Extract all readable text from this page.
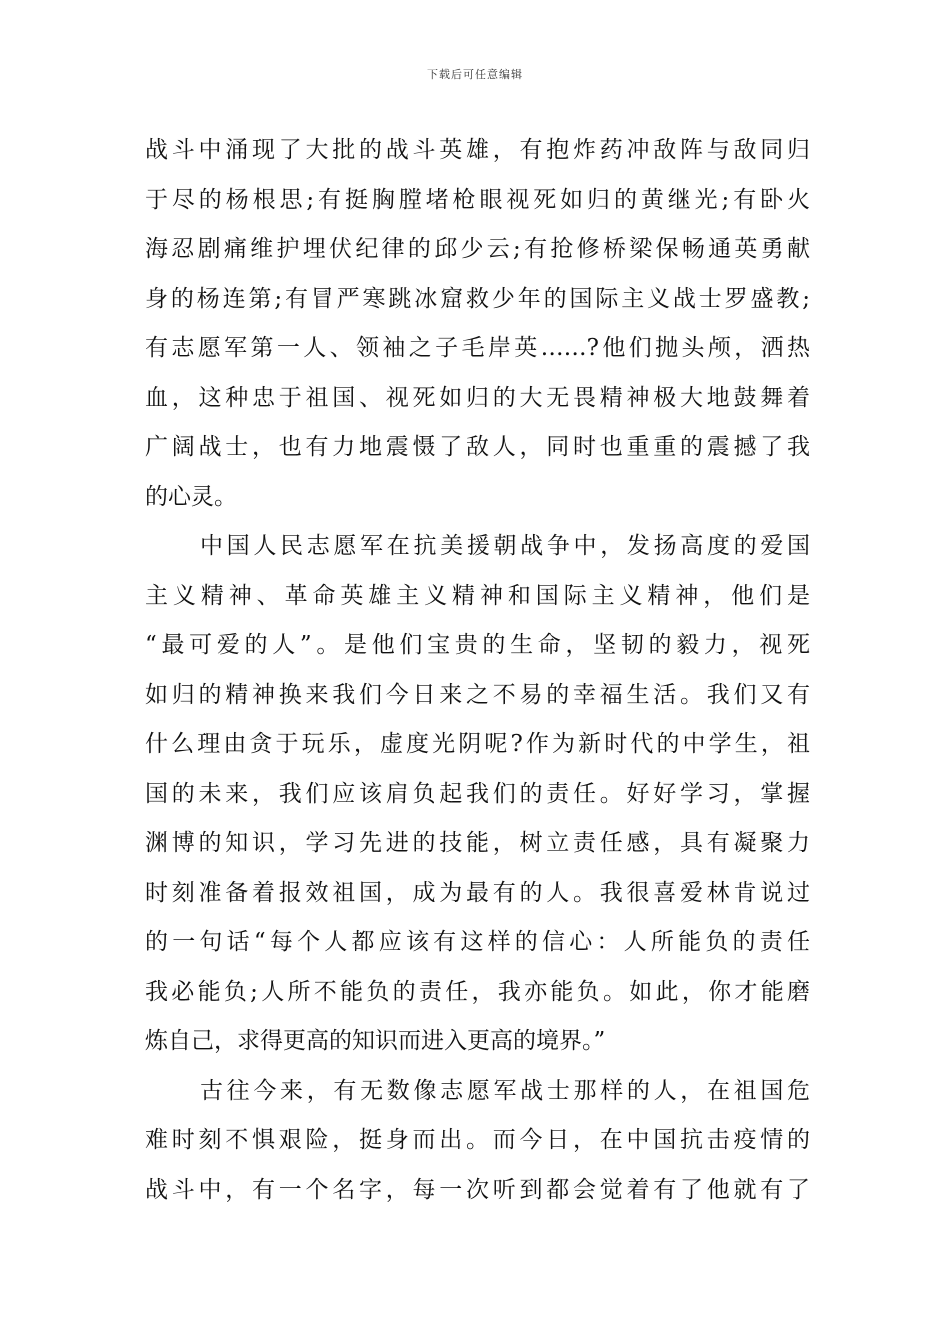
下载后可任意编辑
战斗中涌现了大批的战斗英雄，有抱炸药冲敌阵与敌同归
于尽的杨根思;有挺胸膛堵枪眼视死如归的黄继光;有卧火
海忍剧痛维护埋伏纪律的邱少云;有抢修桥梁保畅通英勇献
身的杨连第;有冒严寒跳冰窟救少年的国际主义战士罗盛教;
有志愿军第一人、领袖之子毛岸英……?他们抛头颅，洒热
血，这种忠于祖国、视死如归的大无畏精神极大地鼓舞着
广阔战士，也有力地震慑了敌人，同时也重重的震撼了我
的心灵。
中国人民志愿军在抗美援朝战争中，发扬高度的爱国
主义精神、革命英雄主义精神和国际主义精神，他们是
“最可爱的人”。是他们宝贵的生命，坚韧的毅力，视死
如归的精神换来我们今日来之不易的幸福生活。我们又有
什么理由贪于玩乐，虚度光阴呢?作为新时代的中学生，祖
国的未来，我们应该肩负起我们的责任。好好学习，掌握
渊博的知识，学习先进的技能，树立责任感，具有凝聚力
时刻准备着报效祖国，成为最有的人。我很喜爱林肯说过
的一句话“每个人都应该有这样的信心：人所能负的责任
我必能负;人所不能负的责任，我亦能负。如此，你才能磨
炼自己，求得更高的知识而进入更高的境界。”
古往今来，有无数像志愿军战士那样的人，在祖国危
难时刻不惧艰险，挺身而出。而今日，在中国抗击疫情的
战斗中，有一个名字，每一次听到都会觉着有了他就有了
